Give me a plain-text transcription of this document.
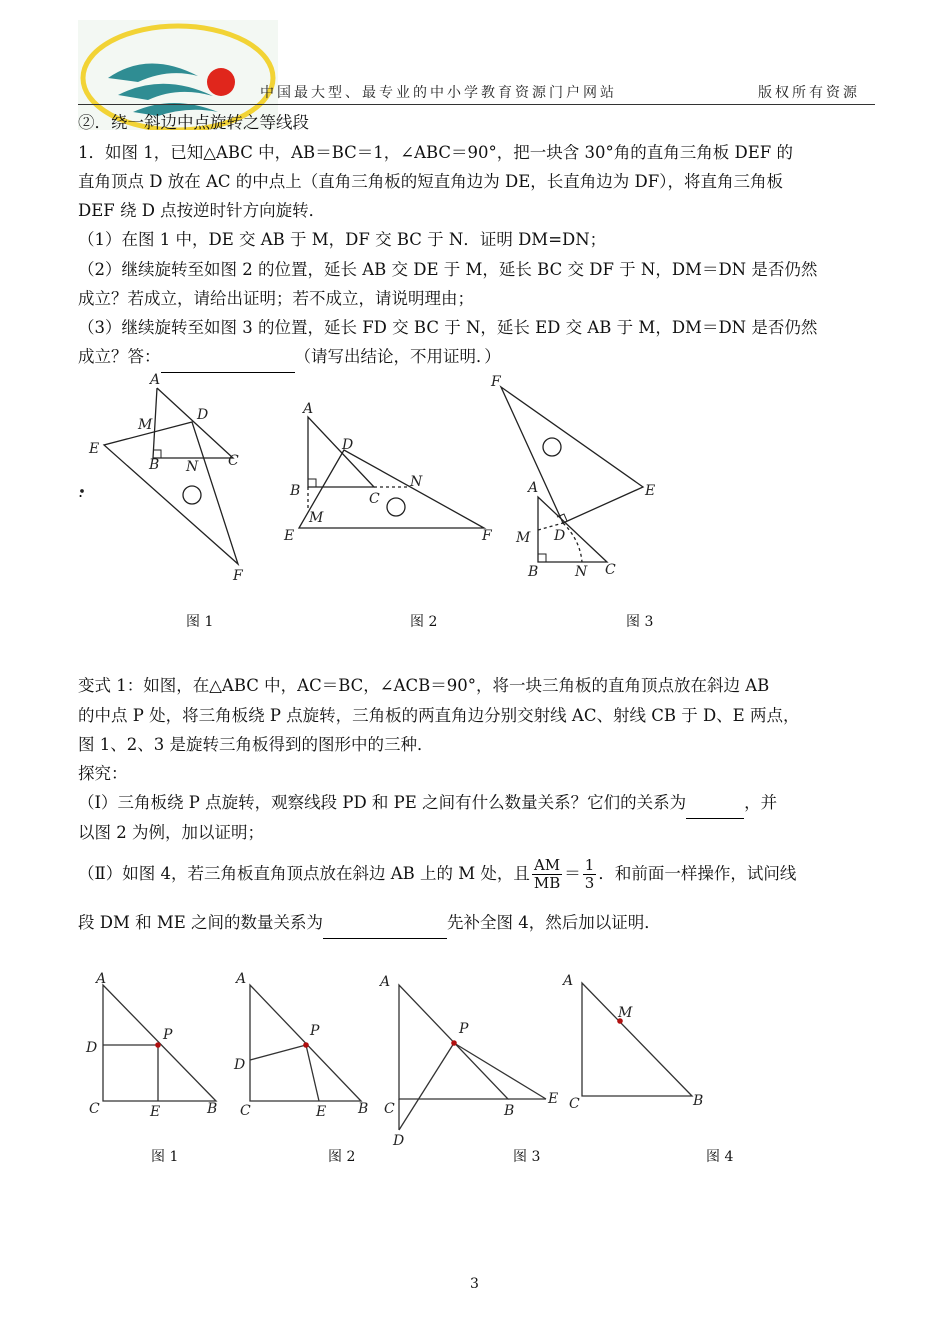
中国最大型、最专业的中小学教育资源门户网站	版权所有资源
②．绕一斜边中点旋转之等线段
1．如图 1，已知△ABC 中，AB＝BC＝1，∠ABC＝90°，把一块含 30°角的直角三角板 DEF 的
直角顶点 D 放在 AC 的中点上（直角三角板的短直角边为 DE，长直角边为 DF），将直角三角板
DEF 绕 D 点按逆时针方向旋转．
（1）在图 1 中，DE 交 AB 于 M，DF 交 BC 于 N．证明 DM=DN；
（2）继续旋转至如图 2 的位置，延长 AB 交 DE 于 M，延长 BC 交 DF 于 N，DM＝DN 是否仍然
成立？若成立，请给出证明；若不成立，请说明理由；
（3）继续旋转至如图 3 的位置，延长 FD 交 BC 于 N，延长 ED 交 AB 于 M，DM＝DN 是否仍然
成立？答：	（请写出结论，不用证明．）
A
M
D
E
B N C
F
A
D
B	C
N
M
E	F
F
E
A
D
M
B	N C
图 1	图 2	图 3
变式 1：如图，在△ABC 中，AC＝BC，∠ACB＝90°，将一块三角板的直角顶点放在斜边 AB
的中点 P 处，将三角板绕 P 点旋转，三角板的两直角边分别交射线 AC、射线 CB 于 D、E 两点，
图 1、2、3 是旋转三角板得到的图形中的三种．
探究：
（Ⅰ）三角板绕 P 点旋转，观察线段 PD 和 PE 之间有什么数量关系？它们的关系为	，并
以图 2 为例，加以证明；
（Ⅱ）如图 4，若三角板直角顶点放在斜边 AB 上的 M 处，且 $\frac{AM}{MB} = \frac{1}{3}$ ．和前面一样操作，试问线
段 DM 和 ME 之间的数量关系为	先补全图 4，然后加以证明．
A
D
P
C	E	B
A
D
P
C	E B
A
P
C	B
E
D
A
M
C	B
图 1	图 2	图 3	图 4
3
.
